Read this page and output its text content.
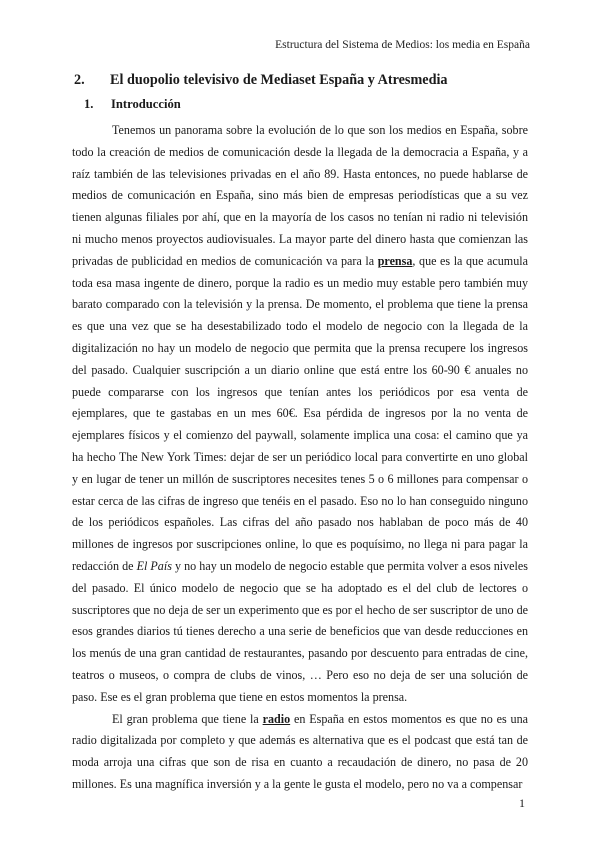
Estructura del Sistema de Medios: los media en España
2.	El duopolio televisivo de Mediaset España y Atresmedia
1.	Introducción

Tenemos un panorama sobre la evolución de lo que son los medios en España, sobre todo la creación de medios de comunicación desde la llegada de la democracia a España, y a raíz también de las televisiones privadas en el año 89. Hasta entonces, no puede hablarse de medios de comunicación en España, sino más bien de empresas periodísticas que a su vez tienen algunas filiales por ahí, que en la mayoría de los casos no tenían ni radio ni televisión ni mucho menos proyectos audiovisuales. La mayor parte del dinero hasta que comienzan las privadas de publicidad en medios de comunicación va para la prensa, que es la que acumula toda esa masa ingente de dinero, porque la radio es un medio muy estable pero también muy barato comparado con la televisión y la prensa. De momento, el problema que tiene la prensa es que una vez que se ha desestabilizado todo el modelo de negocio con la llegada de la digitalización no hay un modelo de negocio que permita que la prensa recupere los ingresos del pasado. Cualquier suscripción a un diario online que está entre los 60-90 € anuales no puede compararse con los ingresos que tenían antes los periódicos por esa venta de ejemplares, que te gastabas en un mes 60€. Esa pérdida de ingresos por la no venta de ejemplares físicos y el comienzo del paywall, solamente implica una cosa: el camino que ya ha hecho The New York Times: dejar de ser un periódico local para convertirte en uno global y en lugar de tener un millón de suscriptores necesites tenes 5 o 6 millones para compensar o estar cerca de las cifras de ingreso que tenéis en el pasado. Eso no lo han conseguido ninguno de los periódicos españoles. Las cifras del año pasado nos hablaban de poco más de 40 millones de ingresos por suscripciones online, lo que es poquísimo, no llega ni para pagar la redacción de El País y no hay un modelo de negocio estable que permita volver a esos niveles del pasado. El único modelo de negocio que se ha adoptado es el del club de lectores o suscriptores que no deja de ser un experimento que es por el hecho de ser suscriptor de uno de esos grandes diarios tú tienes derecho a una serie de beneficios que van desde reducciones en los menús de una gran cantidad de restaurantes, pasando por descuento para entradas de cine, teatros o museos, o compra de clubs de vinos, … Pero eso no deja de ser una solución de paso. Ese es el gran problema que tiene en estos momentos la prensa.

El gran problema que tiene la radio en España en estos momentos es que no es una radio digitalizada por completo y que además es alternativa que es el podcast que está tan de moda arroja una cifras que son de risa en cuanto a recaudación de dinero, no pasa de 20 millones. Es una magnífica inversión y a la gente le gusta el modelo, pero no va a compensar

1
